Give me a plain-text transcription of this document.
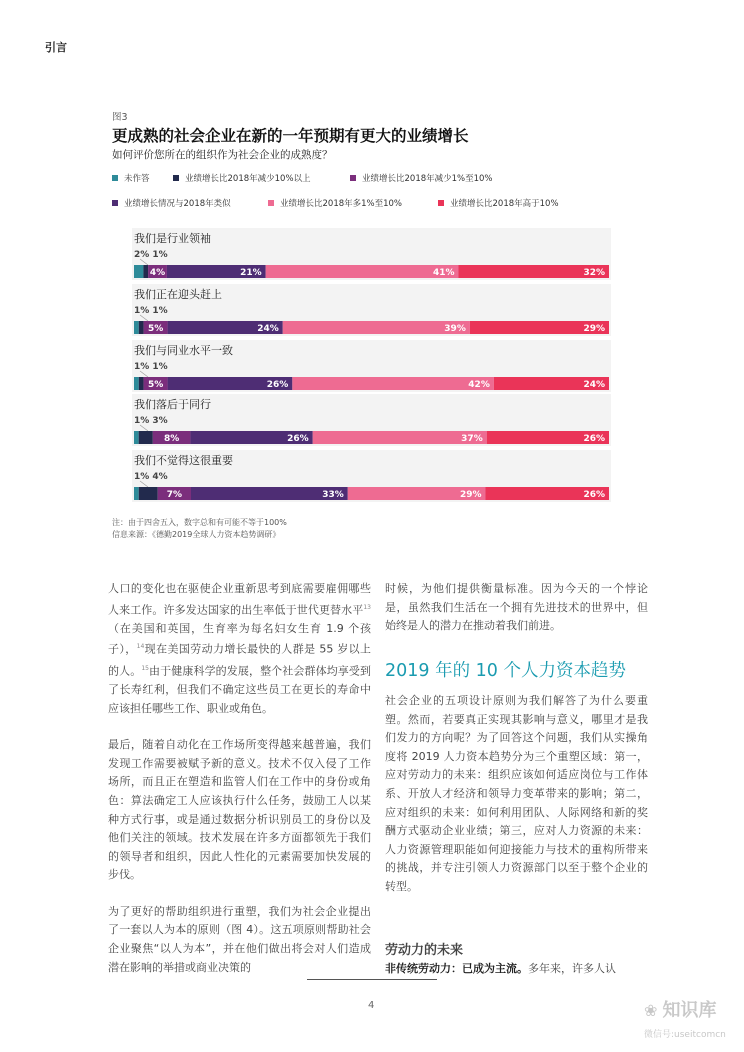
引言
图3
更成熟的社会企业在新的一年预期有更大的业绩增长
如何评价您所在的组织作为社会企业的成熟度？
未作答	业绩增长比2018年减少10%以上	业绩增长比2018年减少1%至10%
业绩增长情况与2018年类似	业绩增长比2018年多1%至10%	业绩增长比2018年高于10%
我们是行业领袖
2% 1%
4%	21%	41%	32%
我们正在迎头赶上
1% 1%
5%	24%	39%	29%
我们与同业水平一致
1% 1%
5%	26%	42%	24%
我们落后于同行
1% 3%
8%	26%	37%	26%
我们不觉得这很重要
1% 4%
7%	33%	29%	26%
注：由于四舍五入，数字总和有可能不等于100%
信息来源：《德勤2019全球人力资本趋势调研》

人口的变化也在驱使企业重新思考到底需要雇佣哪些人来工作。许多发达国家的出生率低于世代更替水平$^{13}$（在美国和英国，生育率为每名妇女生育 1.9 个孩子），$^{14}$现在美国劳动力增长最快的人群是 55 岁以上的人。$^{15}$由于健康科学的发展，整个社会群体均享受到了长寿红利，但我们不确定这些员工在更长的寿命中应该担任哪些工作、职业或角色。

最后，随着自动化在工作场所变得越来越普遍，我们发现工作需要被赋予新的意义。技术不仅入侵了工作场所，而且正在塑造和监管人们在工作中的身份或角色：算法确定工人应该执行什么任务，鼓励工人以某种方式行事，或是通过数据分析识别员工的身份以及他们关注的领域。技术发展在许多方面都领先于我们的领导者和组织，因此人性化的元素需要加快发展的步伐。

为了更好的帮助组织进行重塑，我们为社会企业提出了一套以人为本的原则（图 4）。这五项原则帮助社会企业聚焦“以人为本”，并在他们做出将会对人们造成潜在影响的举措或商业决策的

时候，为他们提供衡量标准。因为今天的一个悖论是，虽然我们生活在一个拥有先进技术的世界中，但始终是人的潜力在推动着我们前进。
2019 年的 10 个人力资本趋势
社会企业的五项设计原则为我们解答了为什么要重塑。然而，若要真正实现其影响与意义，哪里才是我们发力的方向呢？为了回答这个问题，我们从实操角度将 2019 人力资本趋势分为三个重塑区域：第一，应对劳动力的未来：组织应该如何适应岗位与工作体系、开放人才经济和领导力变革带来的影响；第二，应对组织的未来：如何利用团队、人际网络和新的奖酬方式驱动企业业绩；第三，应对人力资源的未来：人力资源管理职能如何迎接能力与技术的重构所带来的挑战，并专注引领人力资源部门以至于整个企业的转型。
劳动力的未来
非传统劳动力：已成为主流。多年来，许多人认
4	❀ 知识库
微信号:useitcomcn
